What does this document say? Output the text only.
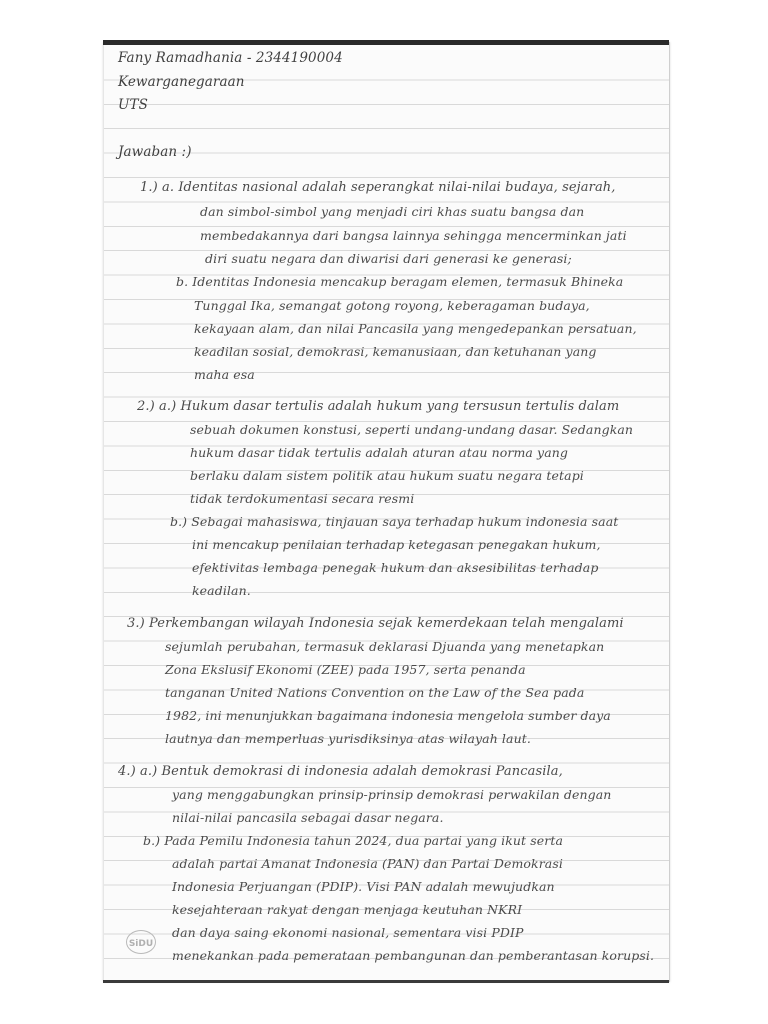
Fany Ramadhania - 2344190004
Kewarganegaraan
UTS
Jawaban :)
1.) a. Identitas nasional adalah seperangkat nilai-nilai budaya, sejarah,
dan simbol-simbol yang menjadi ciri khas suatu bangsa dan
membedakannya dari bangsa lainnya sehingga mencerminkan jati
diri suatu negara dan diwarisi dari generasi ke generasi;
b. Identitas Indonesia mencakup beragam elemen, termasuk Bhineka
Tunggal Ika, semangat gotong royong, keberagaman budaya,
kekayaan alam, dan nilai Pancasila yang mengedepankan persatuan,
keadilan sosial, demokrasi, kemanusiaan, dan ketuhanan yang
maha esa
2.) a.) Hukum dasar tertulis adalah hukum yang tersusun tertulis dalam
sebuah dokumen konstusi, seperti undang-undang dasar. Sedangkan
hukum dasar tidak tertulis adalah aturan atau norma yang
berlaku dalam sistem politik atau hukum suatu negara tetapi
tidak terdokumentasi secara resmi
b.) Sebagai mahasiswa, tinjauan saya terhadap hukum indonesia saat
ini mencakup penilaian terhadap ketegasan penegakan hukum,
efektivitas lembaga penegak hukum dan aksesibilitas terhadap
keadilan.
3.) Perkembangan wilayah Indonesia sejak kemerdekaan telah mengalami
sejumlah perubahan, termasuk deklarasi Djuanda yang menetapkan
Zona Ekslusif Ekonomi (ZEE) pada 1957, serta penanda
tanganan United Nations Convention on the Law of the Sea pada
1982, ini menunjukkan bagaimana indonesia mengelola sumber daya
lautnya dan memperluas yurisdiksinya atas wilayah laut.
4.) a.) Bentuk demokrasi di indonesia adalah demokrasi Pancasila,
yang menggabungkan prinsip-prinsip demokrasi perwakilan dengan
nilai-nilai pancasila sebagai dasar negara.
b.) Pada Pemilu Indonesia tahun 2024, dua partai yang ikut serta
adalah partai Amanat Indonesia (PAN) dan Partai Demokrasi
Indonesia Perjuangan (PDIP). Visi PAN adalah mewujudkan
kesejahteraan rakyat dengan menjaga keutuhan NKRI
dan daya saing ekonomi nasional, sementara visi PDIP
menekankan pada pemerataan pembangunan dan pemberantasan korupsi.
SiDU
